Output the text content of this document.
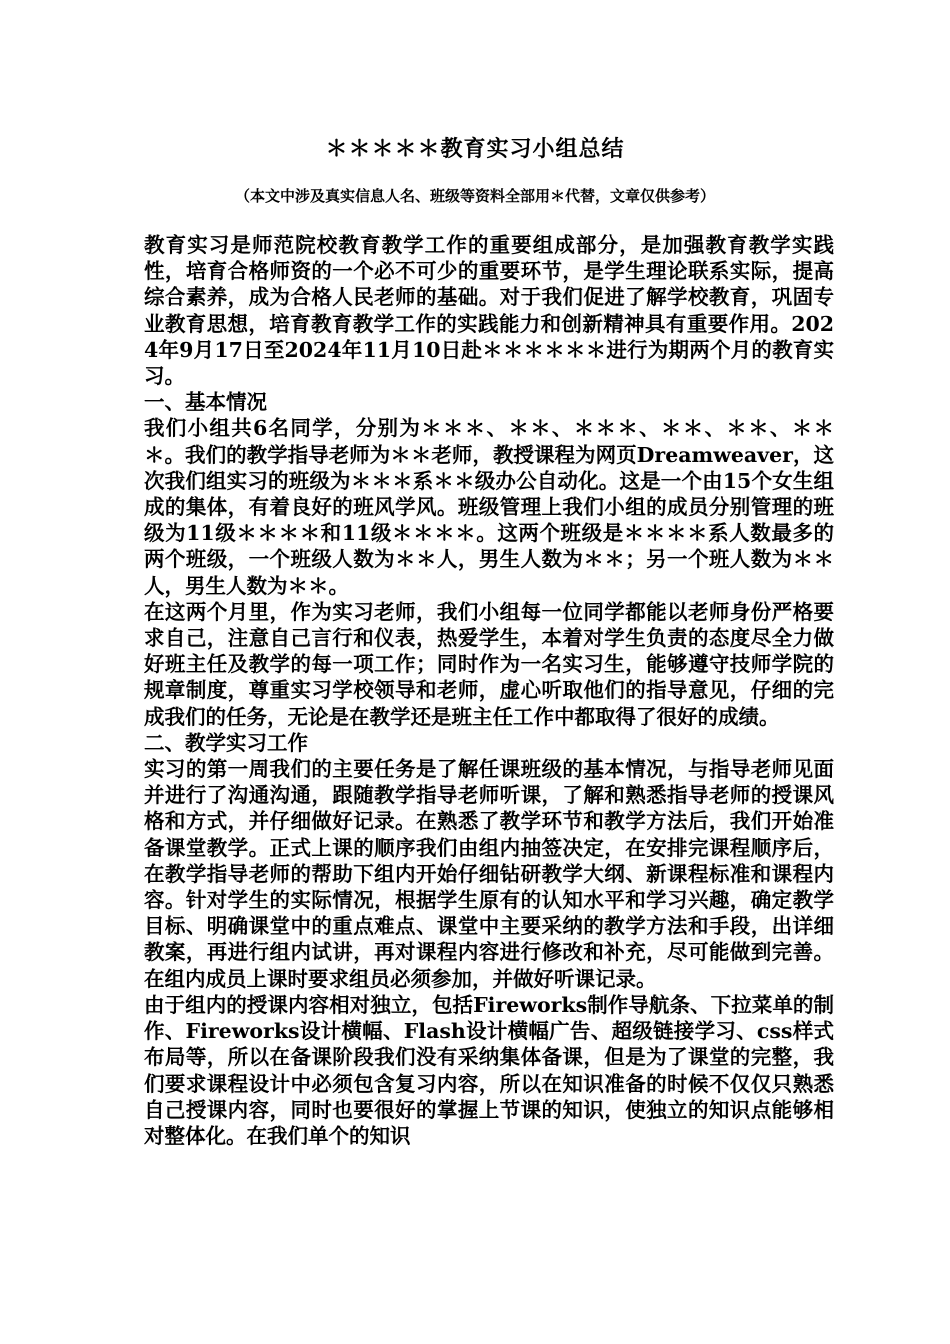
＊＊＊＊＊教育实习小组总结
（本文中涉及真实信息人名、班级等资料全部用＊代替，文章仅供参考）

教育实习是师范院校教育教学工作的重要组成部分，是加强教育教学实践性，培育合格师资的一个必不可少的重要环节，是学生理论联系实际，提高综合素养，成为合格人民老师的基础。对于我们促进了解学校教育，巩固专业教育思想，培育教育教学工作的实践能力和创新精神具有重要作用。2024年9月17日至2024年11月10日赴＊＊＊＊＊＊进行为期两个月的教育实习。

一、基本情况

我们小组共6名同学，分别为＊＊＊、＊＊、＊＊＊、＊＊、＊＊、＊＊＊。我们的教学指导老师为＊＊老师，教授课程为网页Dreamweaver，这次我们组实习的班级为＊＊＊系＊＊级办公自动化。这是一个由15个女生组成的集体，有着良好的班风学风。班级管理上我们小组的成员分别管理的班级为11级＊＊＊＊和11级＊＊＊＊。这两个班级是＊＊＊＊系人数最多的两个班级，一个班级人数为＊＊人，男生人数为＊＊；另一个班人数为＊＊人，男生人数为＊＊。

在这两个月里，作为实习老师，我们小组每一位同学都能以老师身份严格要求自己，注意自己言行和仪表，热爱学生，本着对学生负责的态度尽全力做好班主任及教学的每一项工作；同时作为一名实习生，能够遵守技师学院的规章制度，尊重实习学校领导和老师，虚心听取他们的指导意见，仔细的完成我们的任务，无论是在教学还是班主任工作中都取得了很好的成绩。

二、教学实习工作

实习的第一周我们的主要任务是了解任课班级的基本情况，与指导老师见面并进行了沟通沟通，跟随教学指导老师听课，了解和熟悉指导老师的授课风格和方式，并仔细做好记录。在熟悉了教学环节和教学方法后，我们开始准备课堂教学。正式上课的顺序我们由组内抽签决定，在安排完课程顺序后，在教学指导老师的帮助下组内开始仔细钻研教学大纲、新课程标准和课程内容。针对学生的实际情况，根据学生原有的认知水平和学习兴趣，确定教学目标、明确课堂中的重点难点、课堂中主要采纳的教学方法和手段，出详细教案，再进行组内试讲，再对课程内容进行修改和补充，尽可能做到完善。在组内成员上课时要求组员必须参加，并做好听课记录。

由于组内的授课内容相对独立，包括Fireworks制作导航条、下拉菜单的制作、Fireworks设计横幅、Flash设计横幅广告、超级链接学习、css样式布局等，所以在备课阶段我们没有采纳集体备课，但是为了课堂的完整，我们要求课程设计中必须包含复习内容，所以在知识准备的时候不仅仅只熟悉自己授课内容，同时也要很好的掌握上节课的知识，使独立的知识点能够相对整体化。在我们单个的知识
